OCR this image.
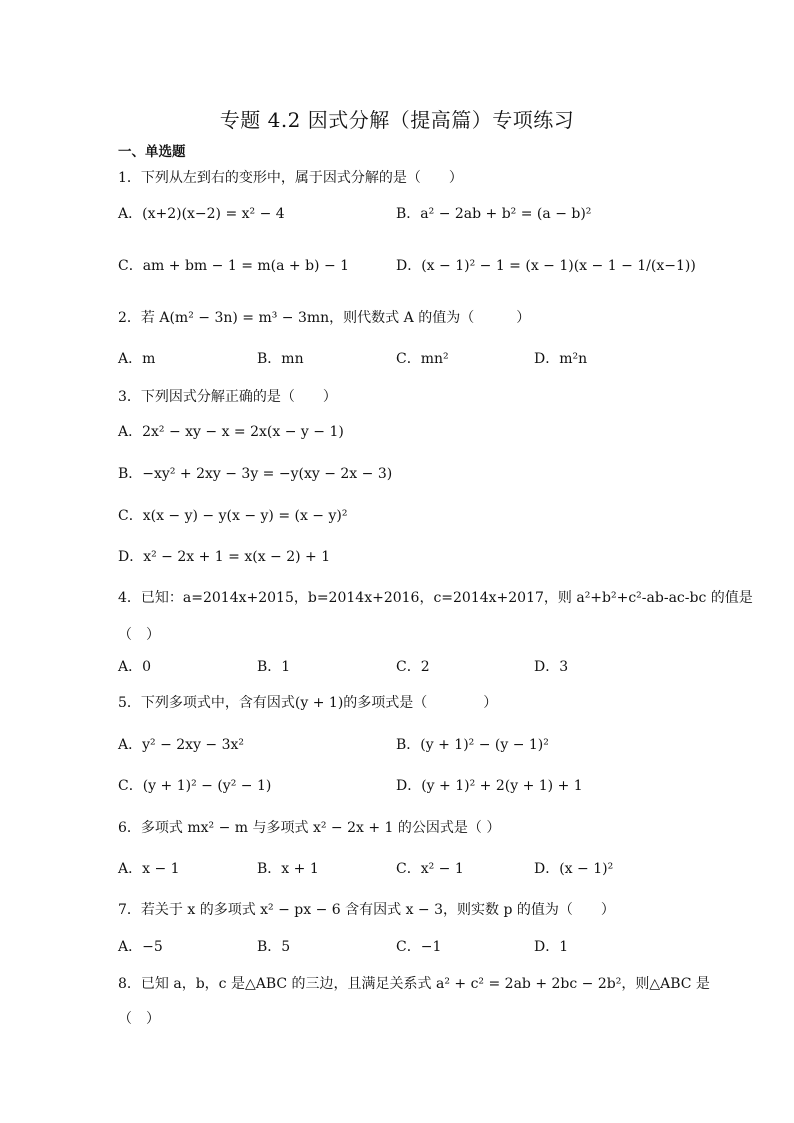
专题 4.2 因式分解（提高篇）专项练习
一、单选题
1．下列从左到右的变形中，属于因式分解的是（　　）
A．(x+2)(x−2) = x² − 4	B．a² − 2ab + b² = (a − b)²
C．am + bm − 1 = m(a + b) − 1	D．(x − 1)² − 1 = (x − 1)(x − 1 − 1/(x−1))
2．若 A(m² − 3n) = m³ − 3mn，则代数式 A 的值为（　　　）
A．m	B．mn	C．mn²	D．m²n
3．下列因式分解正确的是（　　）
A．2x² − xy − x = 2x(x − y − 1)
B．−xy² + 2xy − 3y = −y(xy − 2x − 3)
C．x(x − y) − y(x − y) = (x − y)²
D．x² − 2x + 1 = x(x − 2) + 1
4．已知：a=2014x+2015，b=2014x+2016，c=2014x+2017，则 a²+b²+c²-ab-ac-bc 的值是
（　）
A．0	B．1	C．2	D．3
5．下列多项式中，含有因式(y + 1)的多项式是（　　　　）
A．y² − 2xy − 3x²	B．(y + 1)² − (y − 1)²
C．(y + 1)² − (y² − 1)	D．(y + 1)² + 2(y + 1) + 1
6．多项式 mx² − m 与多项式 x² − 2x + 1 的公因式是（ ）
A．x − 1	B．x + 1	C．x² − 1	D．(x − 1)²
7．若关于 x 的多项式 x² − px − 6 含有因式 x − 3，则实数 p 的值为（　　）
A．−5	B．5	C．−1	D．1
8．已知 a，b，c 是△ABC 的三边，且满足关系式 a² + c² = 2ab + 2bc − 2b²，则△ABC 是
（　）
